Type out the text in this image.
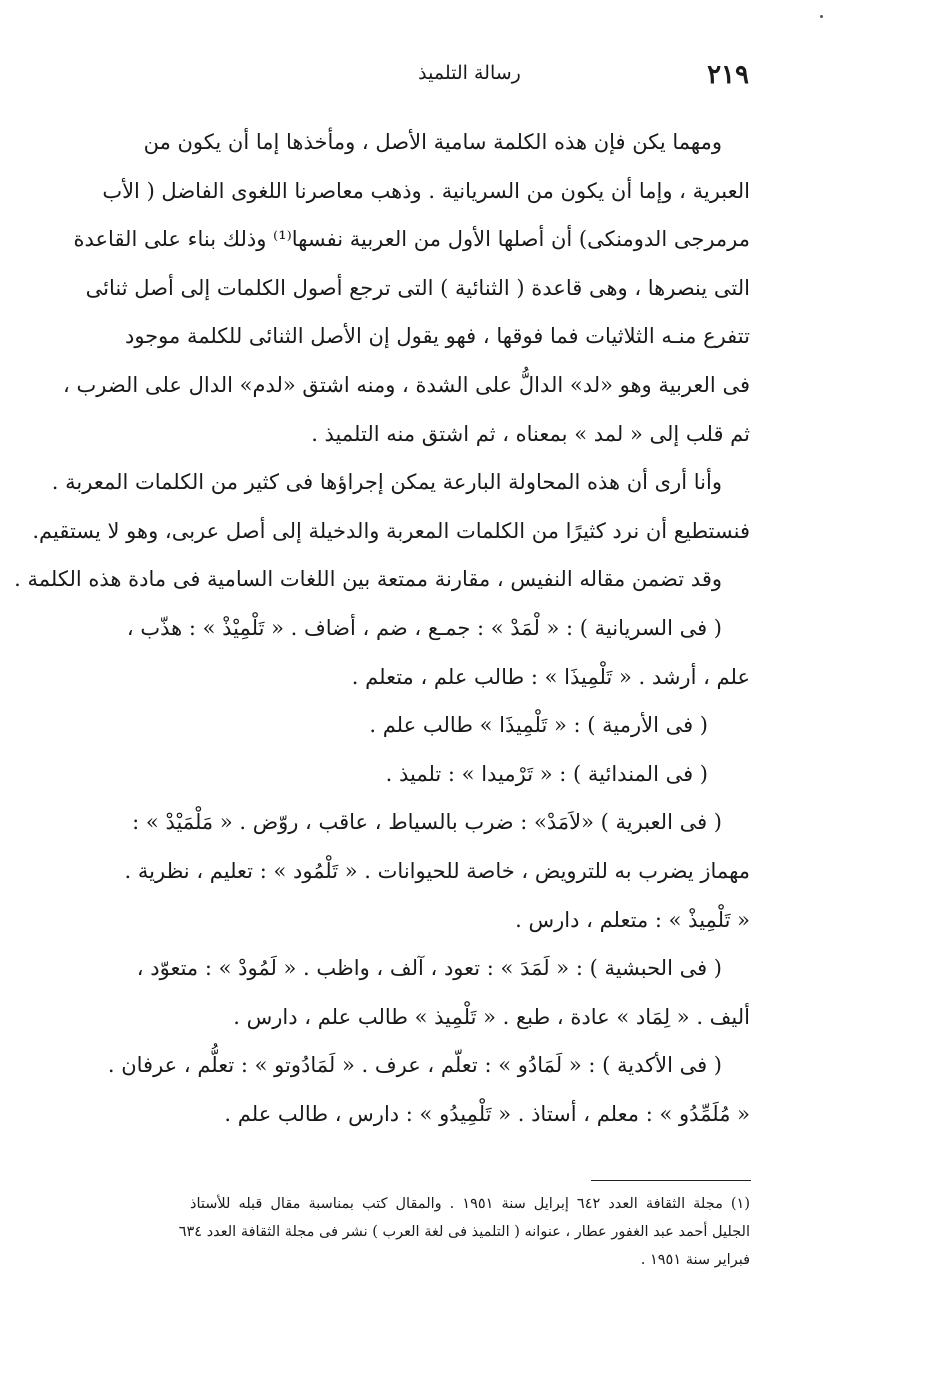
٢١٩
رسالة التلميذ
ومهما يكن فإن هذه الكلمة سامية الأصل ، ومأخذها إما أن يكون من
العبرية ، وإما أن يكون من السريانية . وذهب معاصرنا اللغوى الفاضل ( الأب
مرمرجى الدومنكى) أن أصلها الأول من العربية نفسها⁽¹⁾ وذلك بناء على القاعدة
التى ينصرها ، وهى قاعدة ( الثنائية ) التى ترجع أصول الكلمات إلى أصل ثنائى
تتفرع منـه الثلاثيات فما فوقها ، فهو يقول إن الأصل الثنائى للكلمة موجود
فى العربية وهو «لد» الدالُّ على الشدة ، ومنه اشتق «لدم» الدال على الضرب ،
ثم قلب إلى « لمد » بمعناه ، ثم اشتق منه التلميذ .
وأنا أرى أن هذه المحاولة البارعة يمكن إجراؤها فى كثير من الكلمات المعربة .
فنستطيع أن نرد كثيرًا من الكلمات المعربة والدخيلة إلى أصل عربى، وهو لا يستقيم.
وقد تضمن مقاله النفيس ، مقارنة ممتعة بين اللغات السامية فى مادة هذه الكلمة .
( فى السريانية ) : « لْمَدْ » : جمـع ، ضم ، أضاف . « تَلْمِيْذْ » : هذّب ،
علم ، أرشد . « تَلْمِيذَا » : طالب علم ، متعلم .
( فى الأرمية ) : « تَلْمِيذَا » طالب علم .
( فى المندائية ) : « تَرْميدا » : تلميذ .
( فى العبرية ) «لاَمَدْ» : ضرب بالسياط ، عاقب ، روّض . « مَلْمَيْدْ » :
مهماز يضرب به للترويض ، خاصة للحيوانات . « تَلْمُود » : تعليم ، نظرية .
« تَلْمِيذْ » : متعلم ، دارس .
( فى الحبشية ) : « لَمَدَ » : تعود ، آلف ، واظب . « لَمُودْ » : متعوّد ،
أليف . « لِمَاد » عادة ، طبع . « تَلْمِيذ » طالب علم ، دارس .
( فى الأكدية ) : « لَمَادُو » : تعلّم ، عرف . « لَمَادُوتو » : تعلُّم ، عرفان .
« مُلَمِّدُو » : معلم ، أستاذ . « تَلْمِيدُو » : دارس ، طالب علم .
(١) مجلة الثقافة العدد ٦٤٢ إبرايل سنة ١٩٥١ . والمقال كتب بمناسبة مقال قبله للأستاذ
الجليل أحمد عبد الغفور عطار ، عنوانه ( التلميذ فى لغة العرب ) نشر فى مجلة الثقافة العدد ٦٣٤
فبراير سنة ١٩٥١ .
